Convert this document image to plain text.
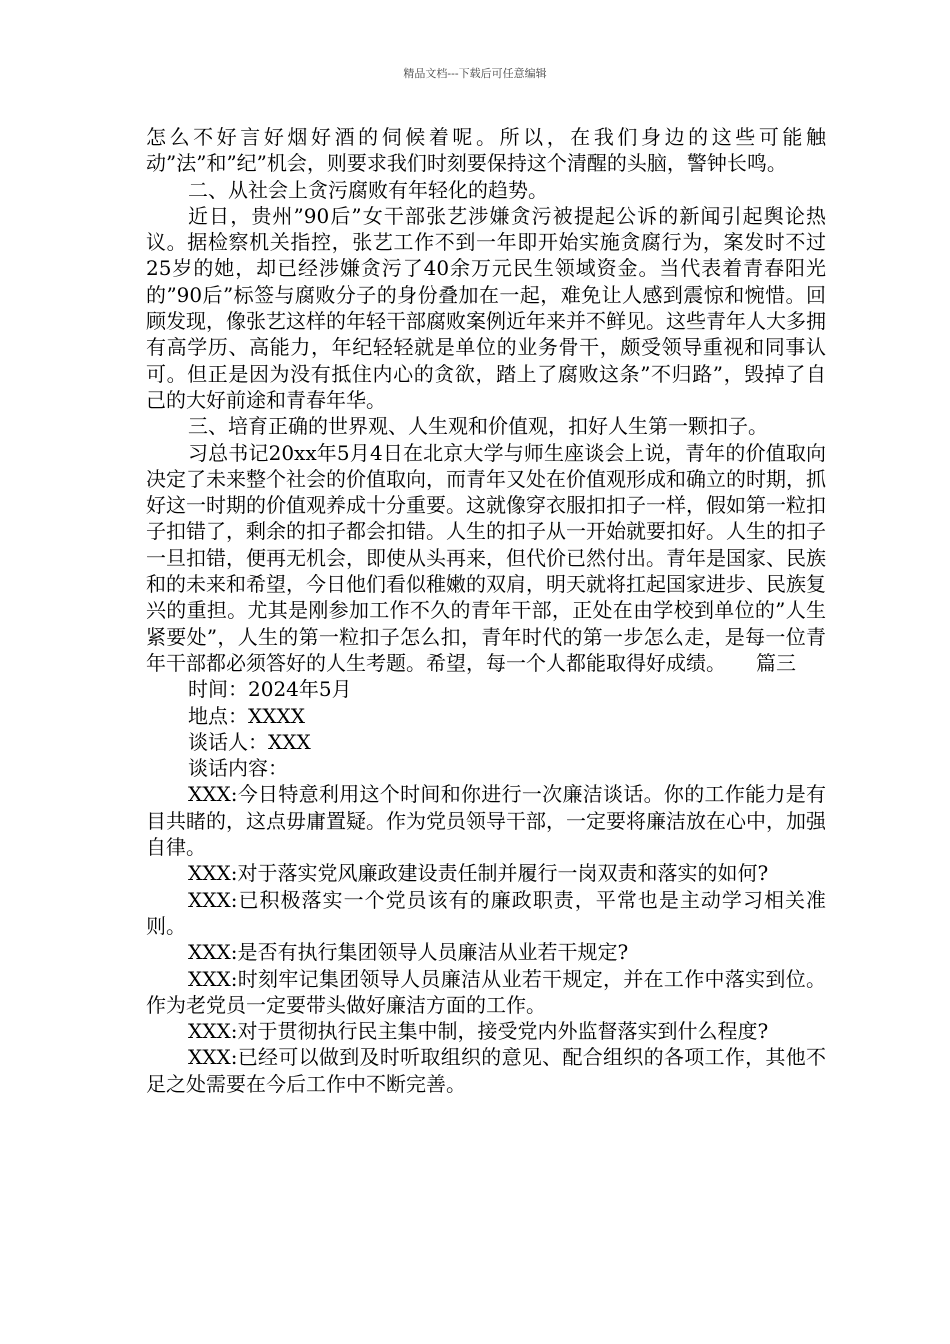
精品文档---下载后可任意编辑

怎么不好言好烟好酒的伺候着呢。所以，在我们身边的这些可能触动”法”和”纪”机会，则要求我们时刻要保持这个清醒的头脑，警钟长鸣。

二、从社会上贪污腐败有年轻化的趋势。

近日，贵州”90后”女干部张艺涉嫌贪污被提起公诉的新闻引起舆论热议。据检察机关指控，张艺工作不到一年即开始实施贪腐行为，案发时不过25岁的她，却已经涉嫌贪污了40余万元民生领域资金。当代表着青春阳光的”90后”标签与腐败分子的身份叠加在一起，难免让人感到震惊和惋惜。回顾发现，像张艺这样的年轻干部腐败案例近年来并不鲜见。这些青年人大多拥有高学历、高能力，年纪轻轻就是单位的业务骨干，颇受领导重视和同事认可。但正是因为没有抵住内心的贪欲，踏上了腐败这条”不归路”，毁掉了自己的大好前途和青春年华。

三、培育正确的世界观、人生观和价值观，扣好人生第一颗扣子。

习总书记20xx年5月4日在北京大学与师生座谈会上说，青年的价值取向决定了未来整个社会的价值取向，而青年又处在价值观形成和确立的时期，抓好这一时期的价值观养成十分重要。这就像穿衣服扣扣子一样，假如第一粒扣子扣错了，剩余的扣子都会扣错。人生的扣子从一开始就要扣好。人生的扣子一旦扣错，便再无机会，即使从头再来，但代价已然付出。青年是国家、民族和的未来和希望，今日他们看似稚嫩的双肩，明天就将扛起国家进步、民族复兴的重担。尤其是刚参加工作不久的青年干部，正处在由学校到单位的”人生紧要处”，人生的第一粒扣子怎么扣，青年时代的第一步怎么走，是每一位青年干部都必须答好的人生考题。希望，每一个人都能取得好成绩。　　篇三

时间：2024年5月

地点：XXXX

谈话人：XXX

谈话内容：

XXX:今日特意利用这个时间和你进行一次廉洁谈话。你的工作能力是有目共睹的，这点毋庸置疑。作为党员领导干部，一定要将廉洁放在心中，加强自律。

XXX:对于落实党风廉政建设责任制并履行一岗双责和落实的如何?

XXX:已积极落实一个党员该有的廉政职责，平常也是主动学习相关准则。

XXX:是否有执行集团领导人员廉洁从业若干规定?

XXX:时刻牢记集团领导人员廉洁从业若干规定，并在工作中落实到位。作为老党员一定要带头做好廉洁方面的工作。

XXX:对于贯彻执行民主集中制，接受党内外监督落实到什么程度?

XXX:已经可以做到及时听取组织的意见、配合组织的各项工作，其他不足之处需要在今后工作中不断完善。
